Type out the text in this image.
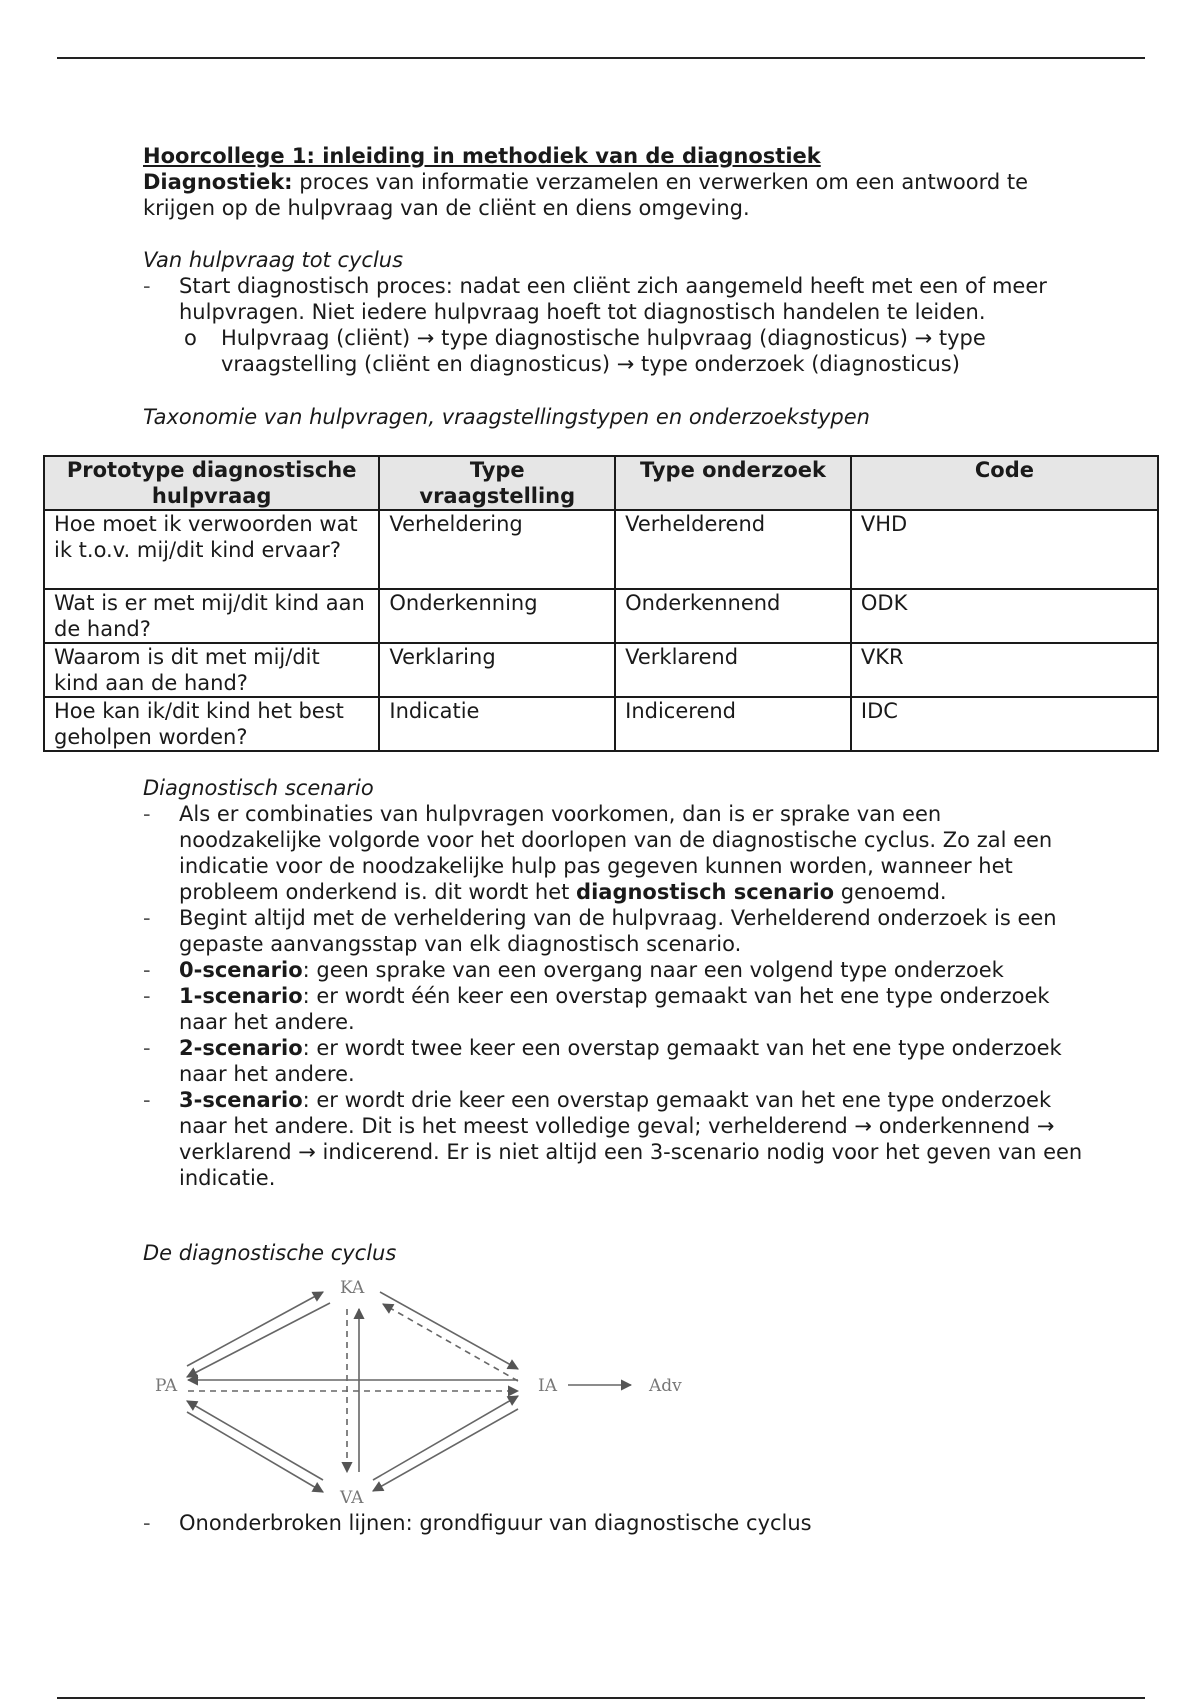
Hoorcollege 1: inleiding in methodiek van de diagnostiek

Diagnostiek: proces van informatie verzamelen en verwerken om een antwoord te krijgen op de hulpvraag van de cliënt en diens omgeving.

Van hulpvraag tot cyclus

- Start diagnostisch proces: nadat een cliënt zich aangemeld heeft met een of meer hulpvragen. Niet iedere hulpvraag hoeft tot diagnostisch handelen te leiden.
o Hulpvraag (cliënt) → type diagnostische hulpvraag (diagnosticus) → type vraagstelling (cliënt en diagnosticus) → type onderzoek (diagnosticus)

Taxonomie van hulpvragen, vraagstellingstypen en onderzoekstypen

Prototype diagnostische hulpvraag	Type vraagstelling	Type onderzoek	Code
Hoe moet ik verwoorden wat ik t.o.v. mij/dit kind ervaar?	Verheldering	Verhelderend	VHD
Wat is er met mij/dit kind aan de hand?	Onderkenning	Onderkennend	ODK
Waarom is dit met mij/dit kind aan de hand?	Verklaring	Verklarend	VKR
Hoe kan ik/dit kind het best geholpen worden?	Indicatie	Indicerend	IDC

Diagnostisch scenario

- Als er combinaties van hulpvragen voorkomen, dan is er sprake van een noodzakelijke volgorde voor het doorlopen van de diagnostische cyclus. Zo zal een indicatie voor de noodzakelijke hulp pas gegeven kunnen worden, wanneer het probleem onderkend is. dit wordt het diagnostisch scenario genoemd.
- Begint altijd met de verheldering van de hulpvraag. Verhelderend onderzoek is een gepaste aanvangsstap van elk diagnostisch scenario.
- 0-scenario: geen sprake van een overgang naar een volgend type onderzoek
- 1-scenario: er wordt één keer een overstap gemaakt van het ene type onderzoek naar het andere.
- 2-scenario: er wordt twee keer een overstap gemaakt van het ene type onderzoek naar het andere.
- 3-scenario: er wordt drie keer een overstap gemaakt van het ene type onderzoek naar het andere. Dit is het meest volledige geval; verhelderend → onderkennend → verklarend → indicerend. Er is niet altijd een 3-scenario nodig voor het geven van een indicatie.

De diagnostische cyclus

KA
PA	IA
VA
Adv
- Ononderbroken lijnen: grondfiguur van diagnostische cyclus
